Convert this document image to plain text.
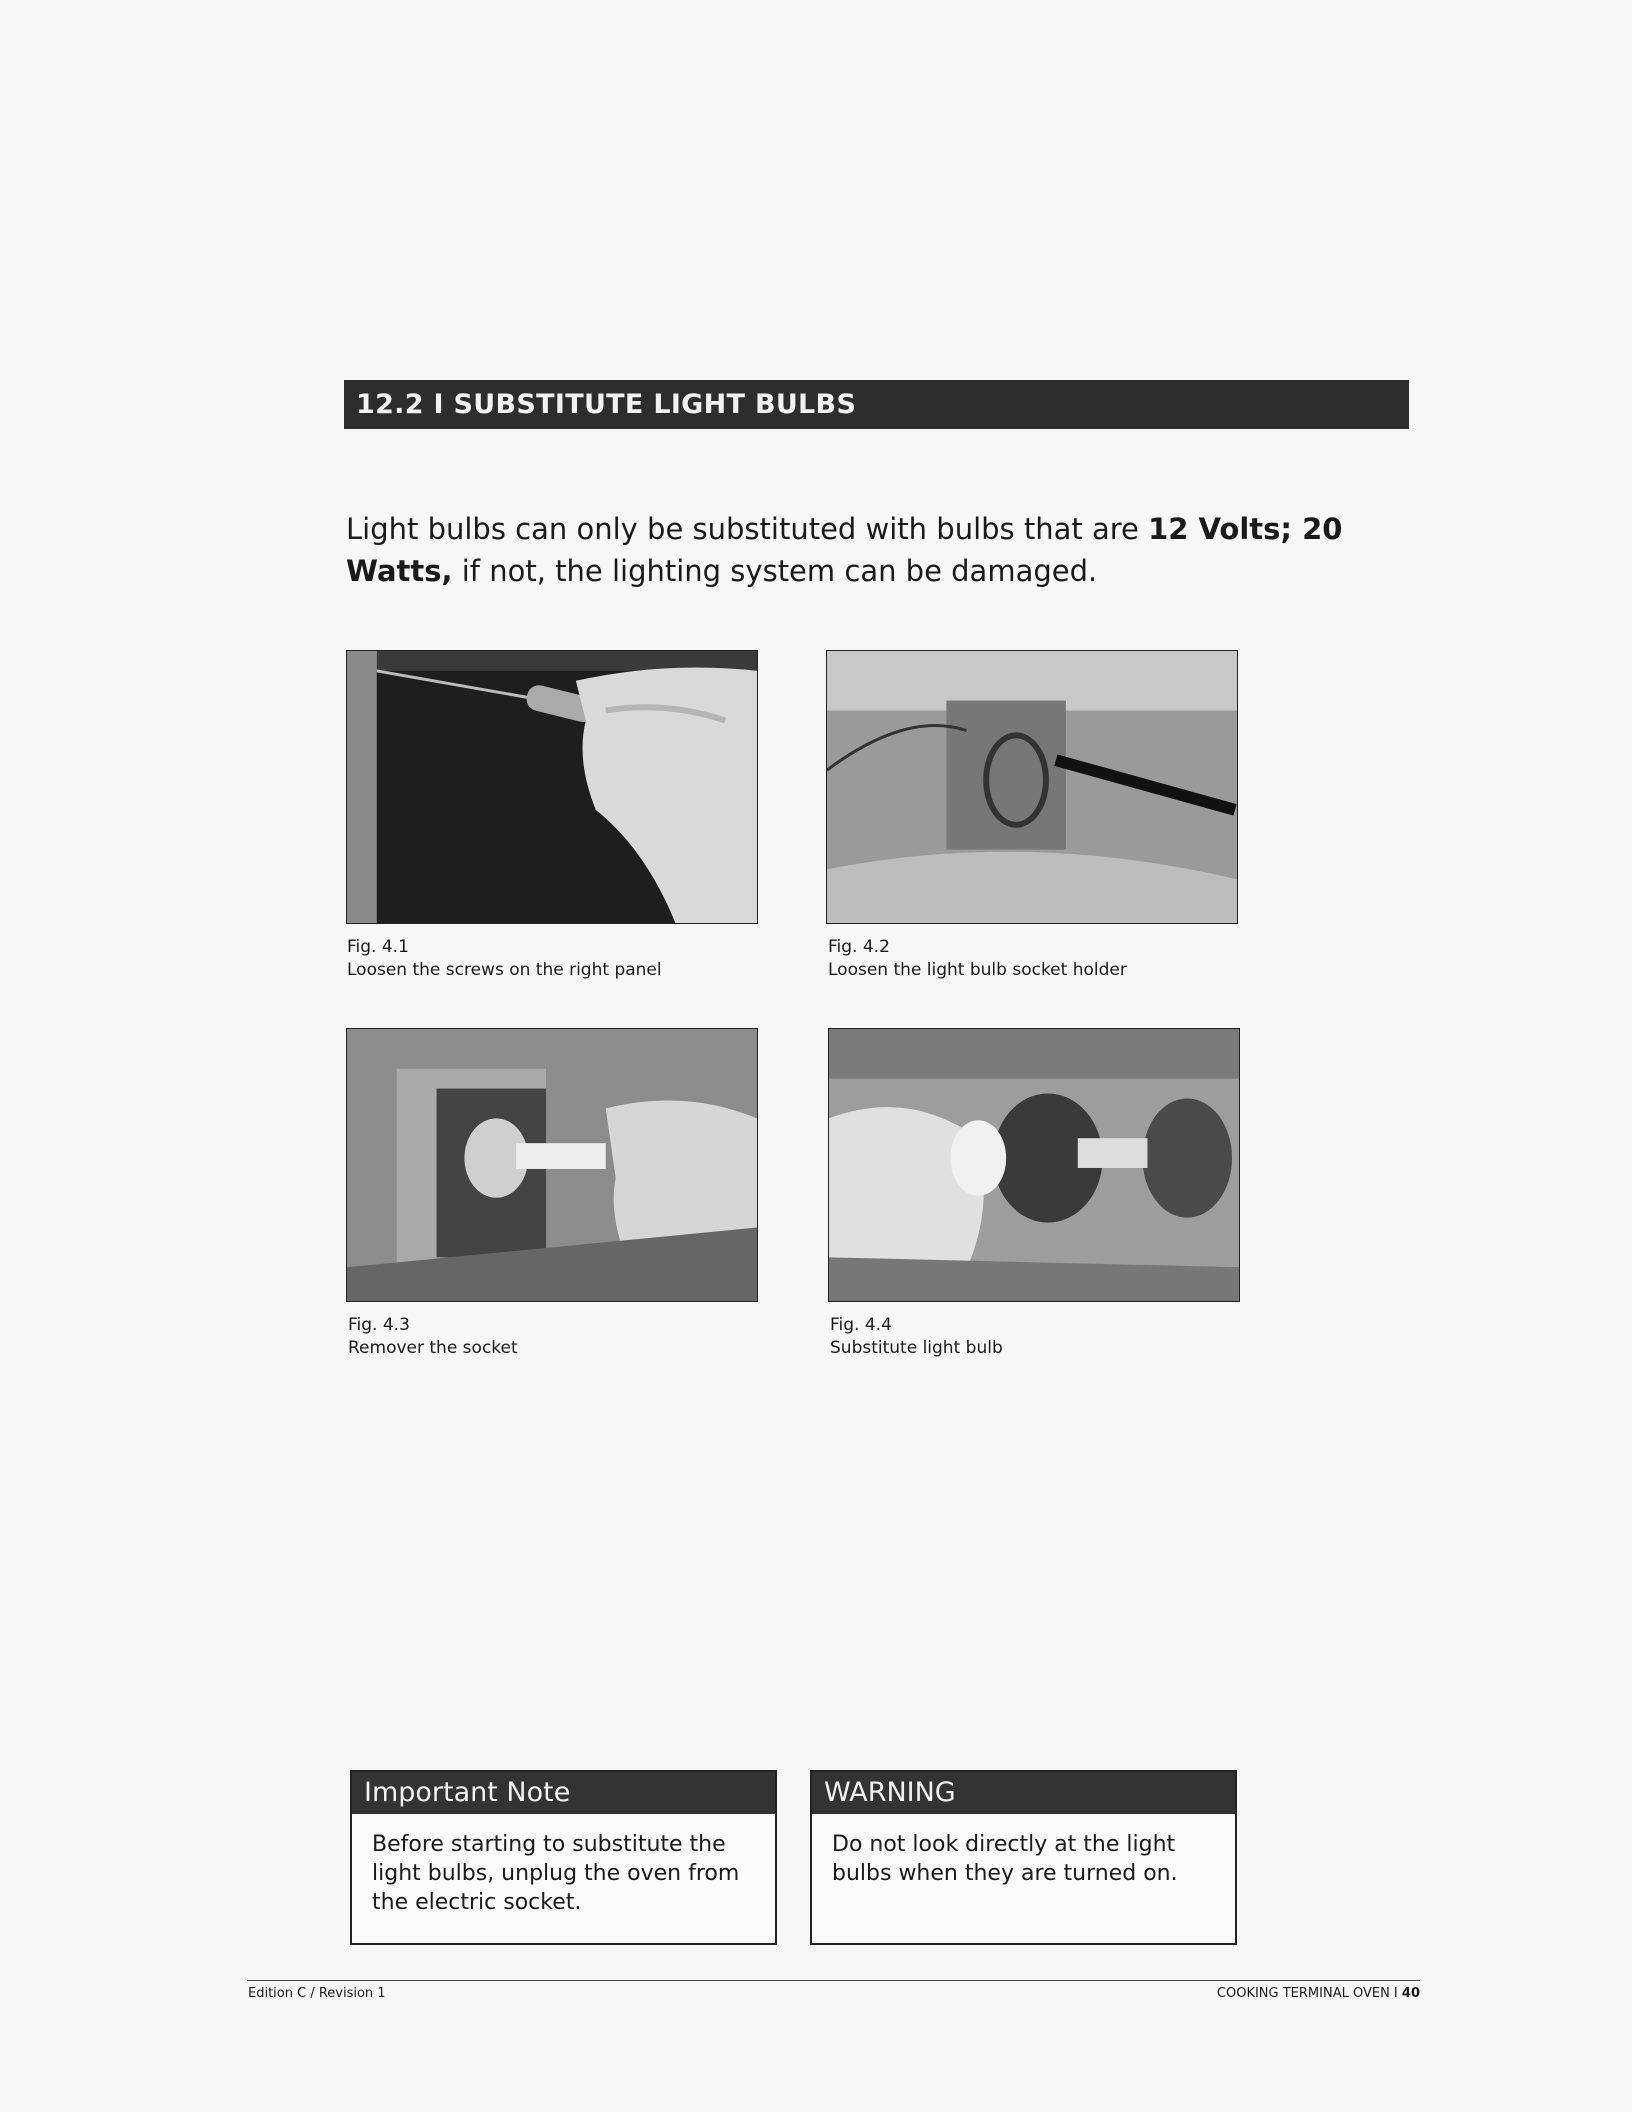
12.2 I SUBSTITUTE LIGHT BULBS
Light bulbs can only be substituted with bulbs that are 12 Volts; 20 Watts, if not, the lighting system can be damaged.
Fig. 4.1
Loosen the screws on the right panel
Fig. 4.2
Loosen the light bulb socket holder
Fig. 4.3
Remover the socket
Fig. 4.4
Substitute light bulb
Important Note
Before starting to substitute the light bulbs, unplug the oven from the electric socket.
WARNING
Do not look directly at the light bulbs when they are turned on.
Edition C / Revision 1	COOKING TERMINAL OVEN I 40
